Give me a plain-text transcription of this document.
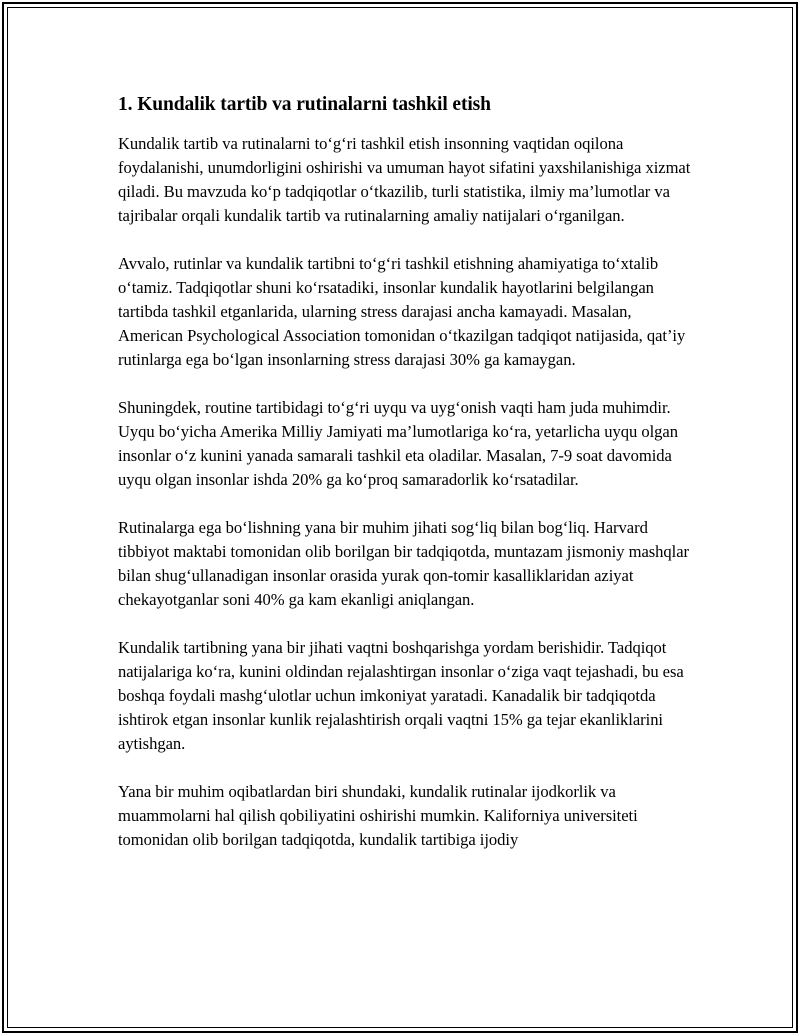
1. Kundalik tartib va rutinalarni tashkil etish

Kundalik tartib va rutinalarni to‘g‘ri tashkil etish insonning vaqtidan oqilona foydalanishi, unumdorligini oshirishi va umuman hayot sifatini yaxshilanishiga xizmat qiladi. Bu mavzuda ko‘p tadqiqotlar o‘tkazilib, turli statistika, ilmiy ma’lumotlar va tajribalar orqali kundalik tartib va rutinalarning amaliy natijalari o‘rganilgan.

Avvalo, rutinlar va kundalik tartibni to‘g‘ri tashkil etishning ahamiyatiga to‘xtalib o‘tamiz. Tadqiqotlar shuni ko‘rsatadiki, insonlar kundalik hayotlarini belgilangan tartibda tashkil etganlarida, ularning stress darajasi ancha kamayadi. Masalan, American Psychological Association tomonidan o‘tkazilgan tadqiqot natijasida, qat’iy rutinlarga ega bo‘lgan insonlarning stress darajasi 30% ga kamaygan.

Shuningdek, routine tartibidagi to‘g‘ri uyqu va uyg‘onish vaqti ham juda muhimdir. Uyqu bo‘yicha Amerika Milliy Jamiyati ma’lumotlariga ko‘ra, yetarlicha uyqu olgan insonlar o‘z kunini yanada samarali tashkil eta oladilar. Masalan, 7-9 soat davomida uyqu olgan insonlar ishda 20% ga ko‘proq samaradorlik ko‘rsatadilar.

Rutinalarga ega bo‘lishning yana bir muhim jihati sog‘liq bilan bog‘liq. Harvard tibbiyot maktabi tomonidan olib borilgan bir tadqiqotda, muntazam jismoniy mashqlar bilan shug‘ullanadigan insonlar orasida yurak qon-tomir kasalliklaridan aziyat chekayotganlar soni 40% ga kam ekanligi aniqlangan.

Kundalik tartibning yana bir jihati vaqtni boshqarishga yordam berishidir. Tadqiqot natijalariga ko‘ra, kunini oldindan rejalashtirgan insonlar o‘ziga vaqt tejashadi, bu esa boshqa foydali mashg‘ulotlar uchun imkoniyat yaratadi. Kanadalik bir tadqiqotda ishtirok etgan insonlar kunlik rejalashtirish orqali vaqtni 15% ga tejar ekanliklarini aytishgan.

Yana bir muhim oqibatlardan biri shundaki, kundalik rutinalar ijodkorlik va muammolarni hal qilish qobiliyatini oshirishi mumkin. Kaliforniya universiteti tomonidan olib borilgan tadqiqotda, kundalik tartibiga ijodiy
